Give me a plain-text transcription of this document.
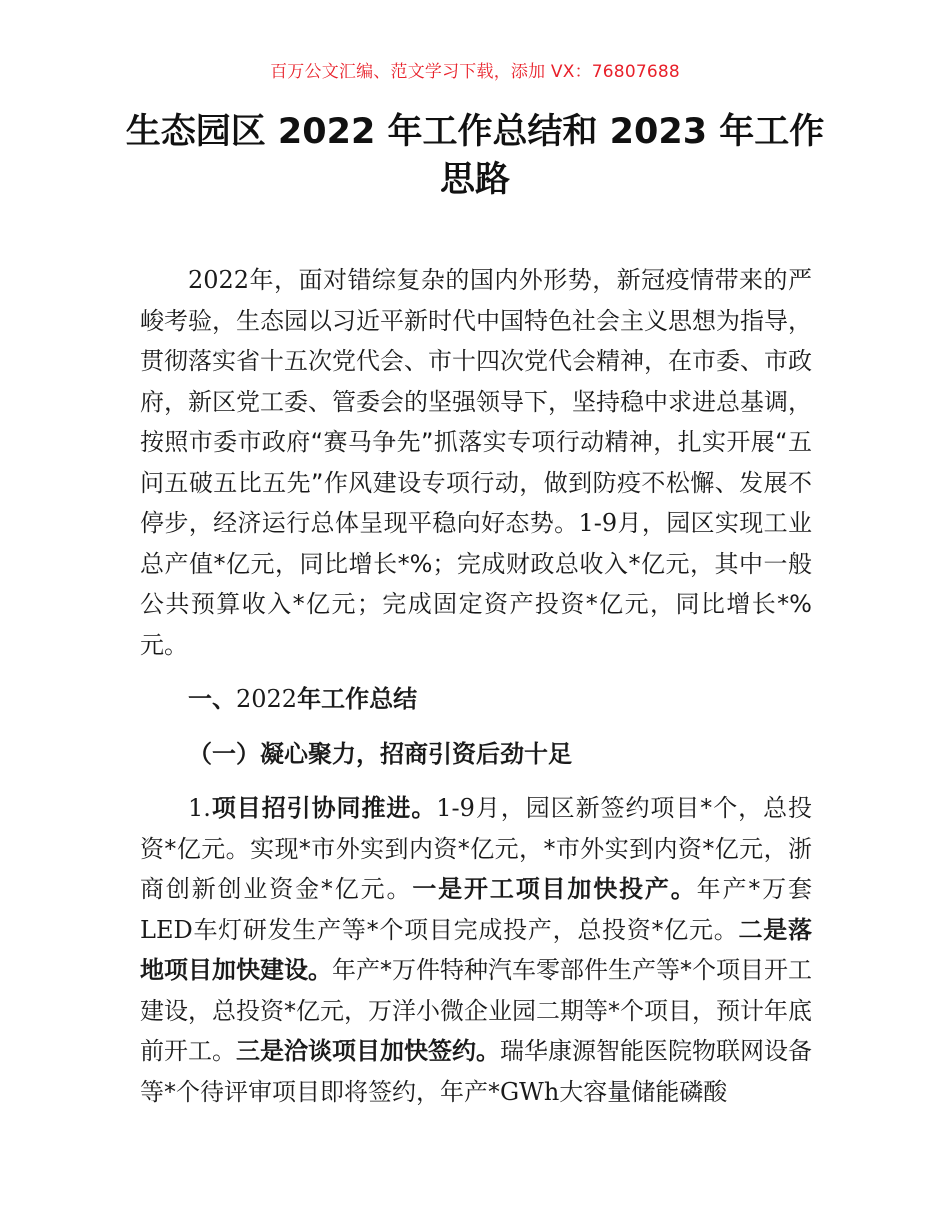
百万公文汇编、范文学习下载，添加 VX：76807688
生态园区 2022 年工作总结和 2023 年工作
思路

2022年，面对错综复杂的国内外形势，新冠疫情带来的严峻考验，生态园以习近平新时代中国特色社会主义思想为指导，贯彻落实省十五次党代会、市十四次党代会精神，在市委、市政府，新区党工委、管委会的坚强领导下，坚持稳中求进总基调，按照市委市政府“赛马争先”抓落实专项行动精神，扎实开展“五问五破五比五先”作风建设专项行动，做到防疫不松懈、发展不停步，经济运行总体呈现平稳向好态势。1-9月，园区实现工业总产值*亿元，同比增长*%；完成财政总收入*亿元，其中一般公共预算收入*亿元；完成固定资产投资*亿元，同比增长*%元。

一、2022年工作总结

（一）凝心聚力，招商引资后劲十足

1.项目招引协同推进。1-9月，园区新签约项目*个，总投资*亿元。实现*市外实到内资*亿元，*市外实到内资*亿元，浙商创新创业资金*亿元。一是开工项目加快投产。年产*万套LED车灯研发生产等*个项目完成投产，总投资*亿元。二是落地项目加快建设。年产*万件特种汽车零部件生产等*个项目开工建设，总投资*亿元，万洋小微企业园二期等*个项目，预计年底前开工。三是洽谈项目加快签约。瑞华康源智能医院物联网设备等*个待评审项目即将签约，年产*GWh大容量储能磷酸
